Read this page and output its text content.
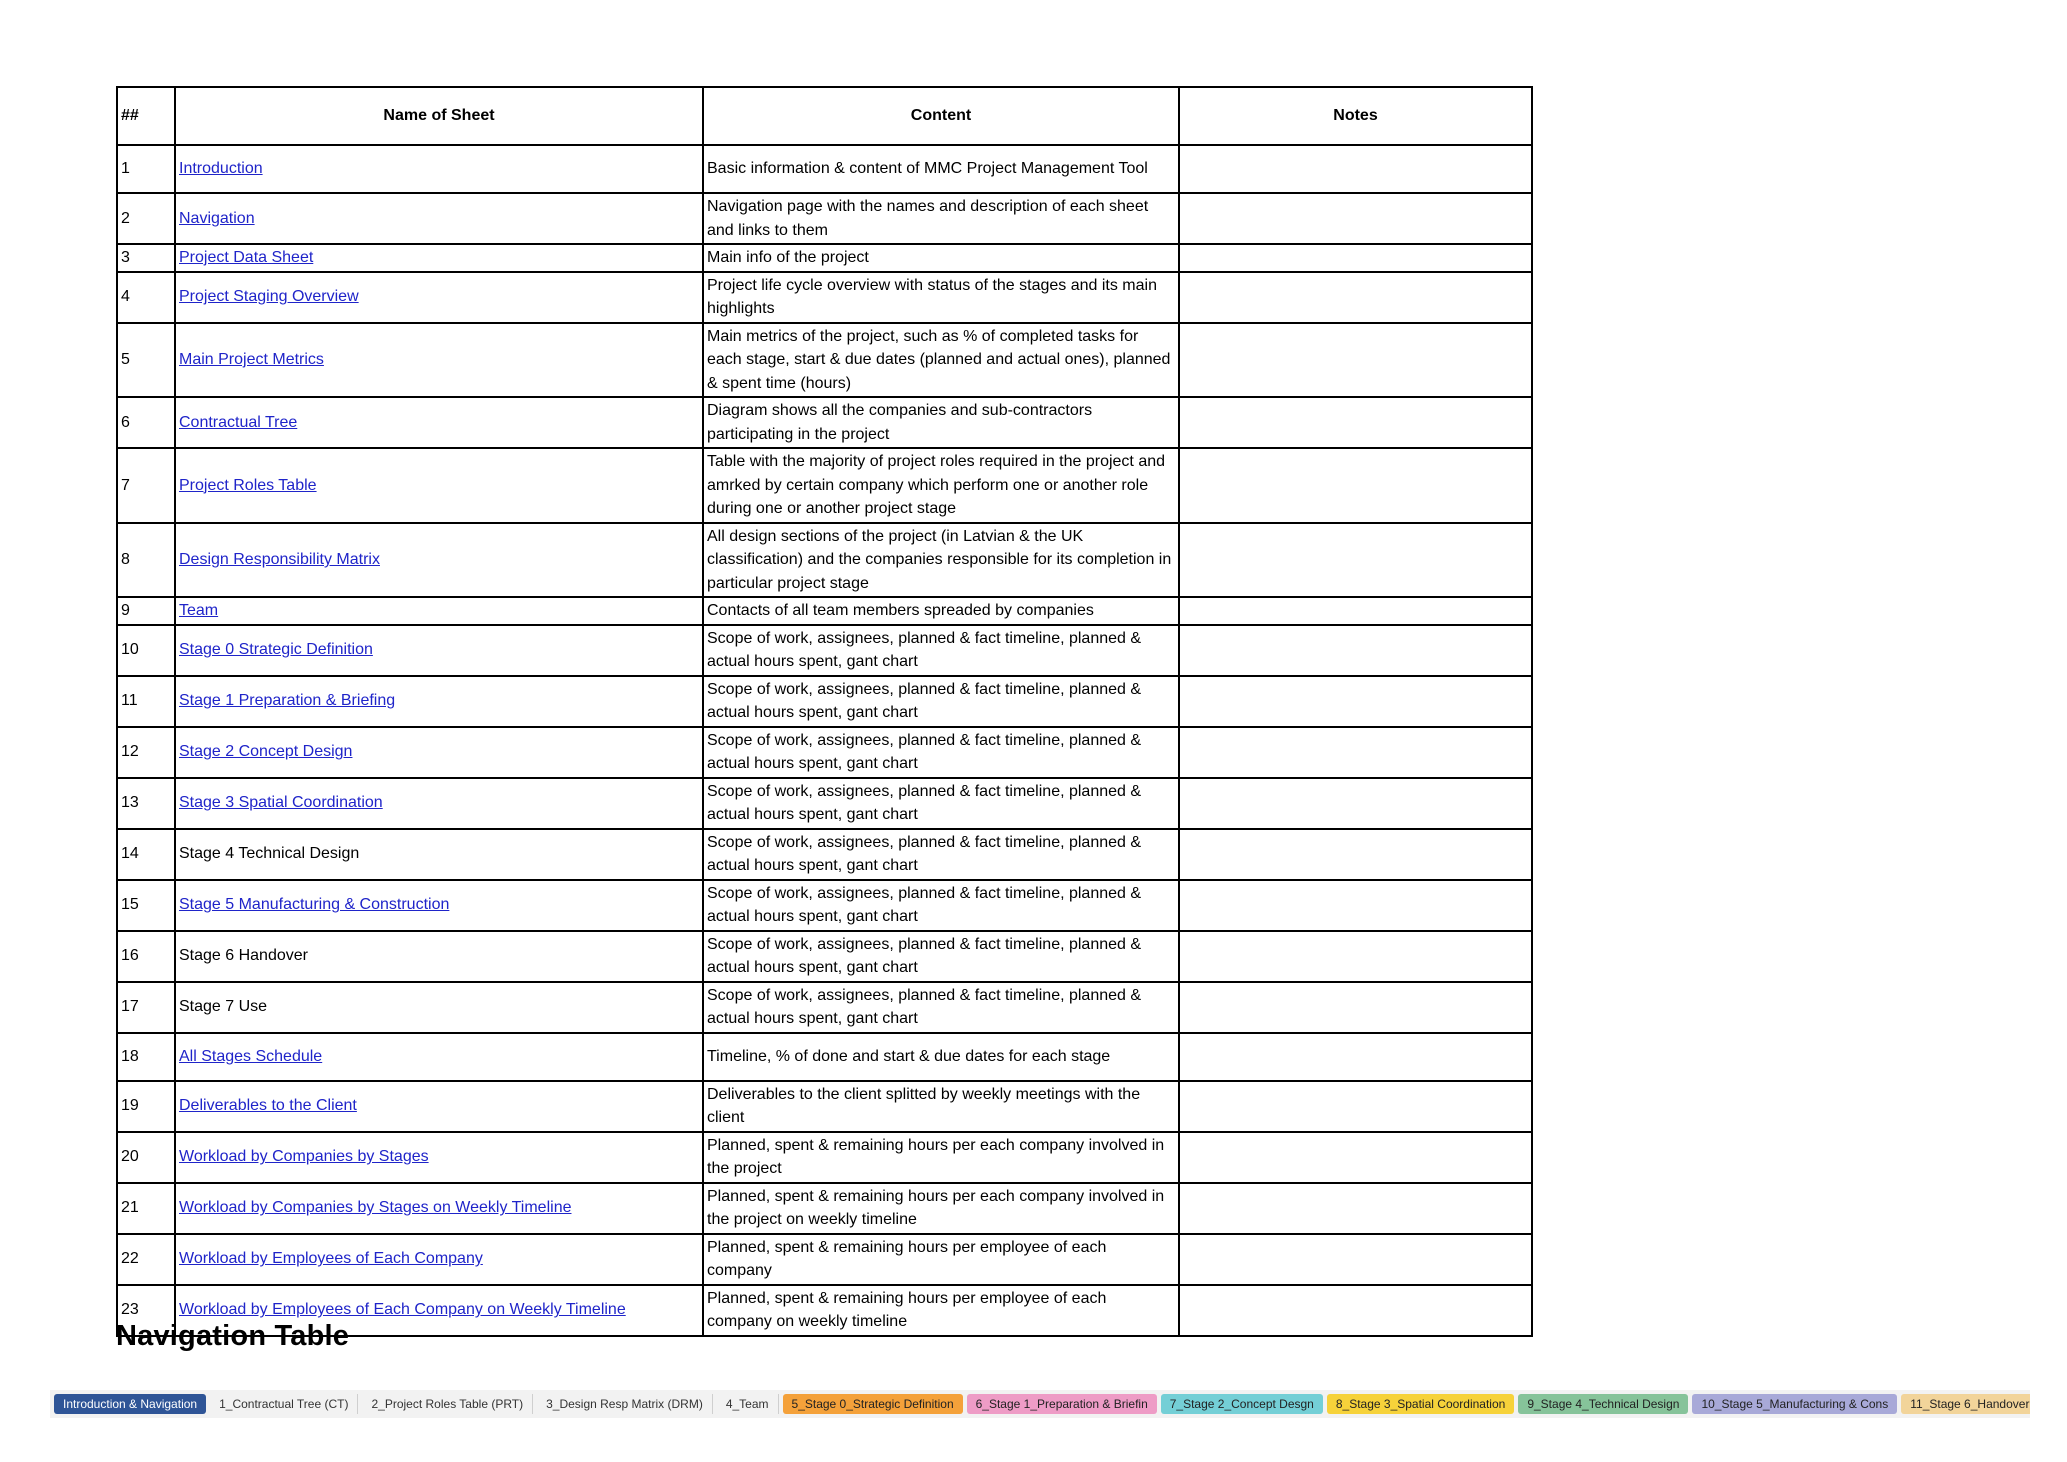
##	Name of Sheet	Content	Notes
1	Introduction	Basic information & content of MMC Project Management Tool	
2	Navigation	Navigation page with the names and description of each sheet and links to them	
3	Project Data Sheet	Main info of the project	
4	Project Staging Overview	Project life cycle overview with status of the stages and its main highlights	
5	Main Project Metrics	Main metrics of the project, such as % of completed tasks for each stage, start & due dates (planned and actual ones), planned & spent time (hours)	
6	Contractual Tree	Diagram shows all the companies and sub-contractors participating in the project	
7	Project Roles Table	Table with the majority of project roles required in the project and amrked by certain company which perform one or another role during one or another project stage	
8	Design Responsibility Matrix	All design sections of the project (in Latvian & the UK classification) and the companies responsible for its completion in particular project stage	
9	Team	Contacts of all team members spreaded by companies	
10	Stage 0 Strategic Definition	Scope of work, assignees, planned & fact timeline, planned & actual hours spent, gant chart	
11	Stage 1 Preparation & Briefing	Scope of work, assignees, planned & fact timeline, planned & actual hours spent, gant chart	
12	Stage 2 Concept Design	Scope of work, assignees, planned & fact timeline, planned & actual hours spent, gant chart	
13	Stage 3 Spatial Coordination	Scope of work, assignees, planned & fact timeline, planned & actual hours spent, gant chart	
14	Stage 4 Technical Design	Scope of work, assignees, planned & fact timeline, planned & actual hours spent, gant chart	
15	Stage 5 Manufacturing & Construction	Scope of work, assignees, planned & fact timeline, planned & actual hours spent, gant chart	
16	Stage 6 Handover	Scope of work, assignees, planned & fact timeline, planned & actual hours spent, gant chart	
17	Stage 7 Use	Scope of work, assignees, planned & fact timeline, planned & actual hours spent, gant chart	
18	All Stages Schedule	Timeline, % of done and start & due dates for each stage	
19	Deliverables to the Client	Deliverables to the client splitted by weekly meetings with the client	
20	Workload by Companies by Stages	Planned, spent & remaining hours per each company involved in the project	
21	Workload by Companies by Stages on Weekly Timeline	Planned, spent & remaining hours per each company involved in the project on weekly timeline	
22	Workload by Employees of Each Company	Planned, spent & remaining hours per employee of each company	
23	Workload by Employees of Each Company on Weekly Timeline	Planned, spent & remaining hours per employee of each company on weekly timeline	
Navigation Table
Introduction & Navigation	1_Contractual Tree (CT)	2_Project Roles Table (PRT)	3_Design Resp Matrix (DRM)	4_Team	5_Stage 0_Strategic Definition	6_Stage 1_Preparation & Briefin	7_Stage 2_Concept Desgn	8_Stage 3_Spatial Coordination	9_Stage 4_Technical Design	10_Stage 5_Manufacturing & Cons	11_Stage 6_Handover
